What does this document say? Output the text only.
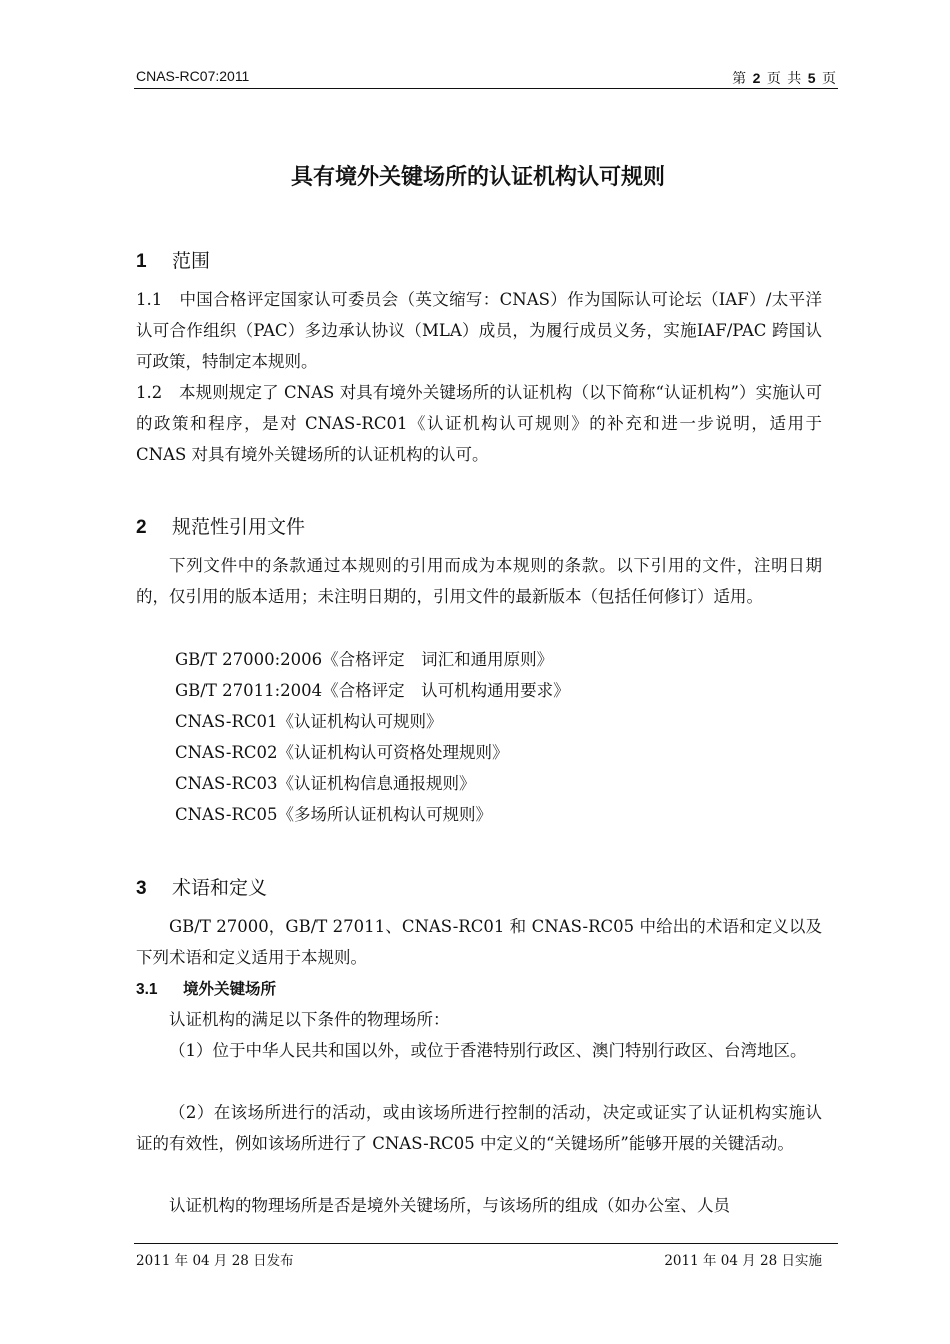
CNAS-RC07:2011	第 2 页 共 5 页
具有境外关键场所的认证机构认可规则
1 范围
1.1　中国合格评定国家认可委员会（英文缩写：CNAS）作为国际认可论坛（IAF）/太平洋认可合作组织（PAC）多边承认协议（MLA）成员，为履行成员义务，实施IAF/PAC 跨国认可政策，特制定本规则。
1.2　本规则规定了 CNAS 对具有境外关键场所的认证机构（以下简称“认证机构”）实施认可的政策和程序，是对 CNAS-RC01《认证机构认可规则》的补充和进一步说明，适用于 CNAS 对具有境外关键场所的认证机构的认可。
2 规范性引用文件
下列文件中的条款通过本规则的引用而成为本规则的条款。以下引用的文件，注明日期的，仅引用的版本适用；未注明日期的，引用文件的最新版本（包括任何修订）适用。
GB/T 27000:2006《合格评定　词汇和通用原则》
GB/T 27011:2004《合格评定　认可机构通用要求》
CNAS-RC01《认证机构认可规则》
CNAS-RC02《认证机构认可资格处理规则》
CNAS-RC03《认证机构信息通报规则》
CNAS-RC05《多场所认证机构认可规则》
3 术语和定义
GB/T 27000，GB/T 27011、CNAS-RC01 和 CNAS-RC05 中给出的术语和定义以及下列术语和定义适用于本规则。
3.1 境外关键场所
认证机构的满足以下条件的物理场所：
（1）位于中华人民共和国以外，或位于香港特别行政区、澳门特别行政区、台湾地区。
（2）在该场所进行的活动，或由该场所进行控制的活动，决定或证实了认证机构实施认证的有效性，例如该场所进行了 CNAS-RC05 中定义的“关键场所”能够开展的关键活动。
认证机构的物理场所是否是境外关键场所，与该场所的组成（如办公室、人员
2011 年 04 月 28 日发布	2011 年 04 月 28 日实施
